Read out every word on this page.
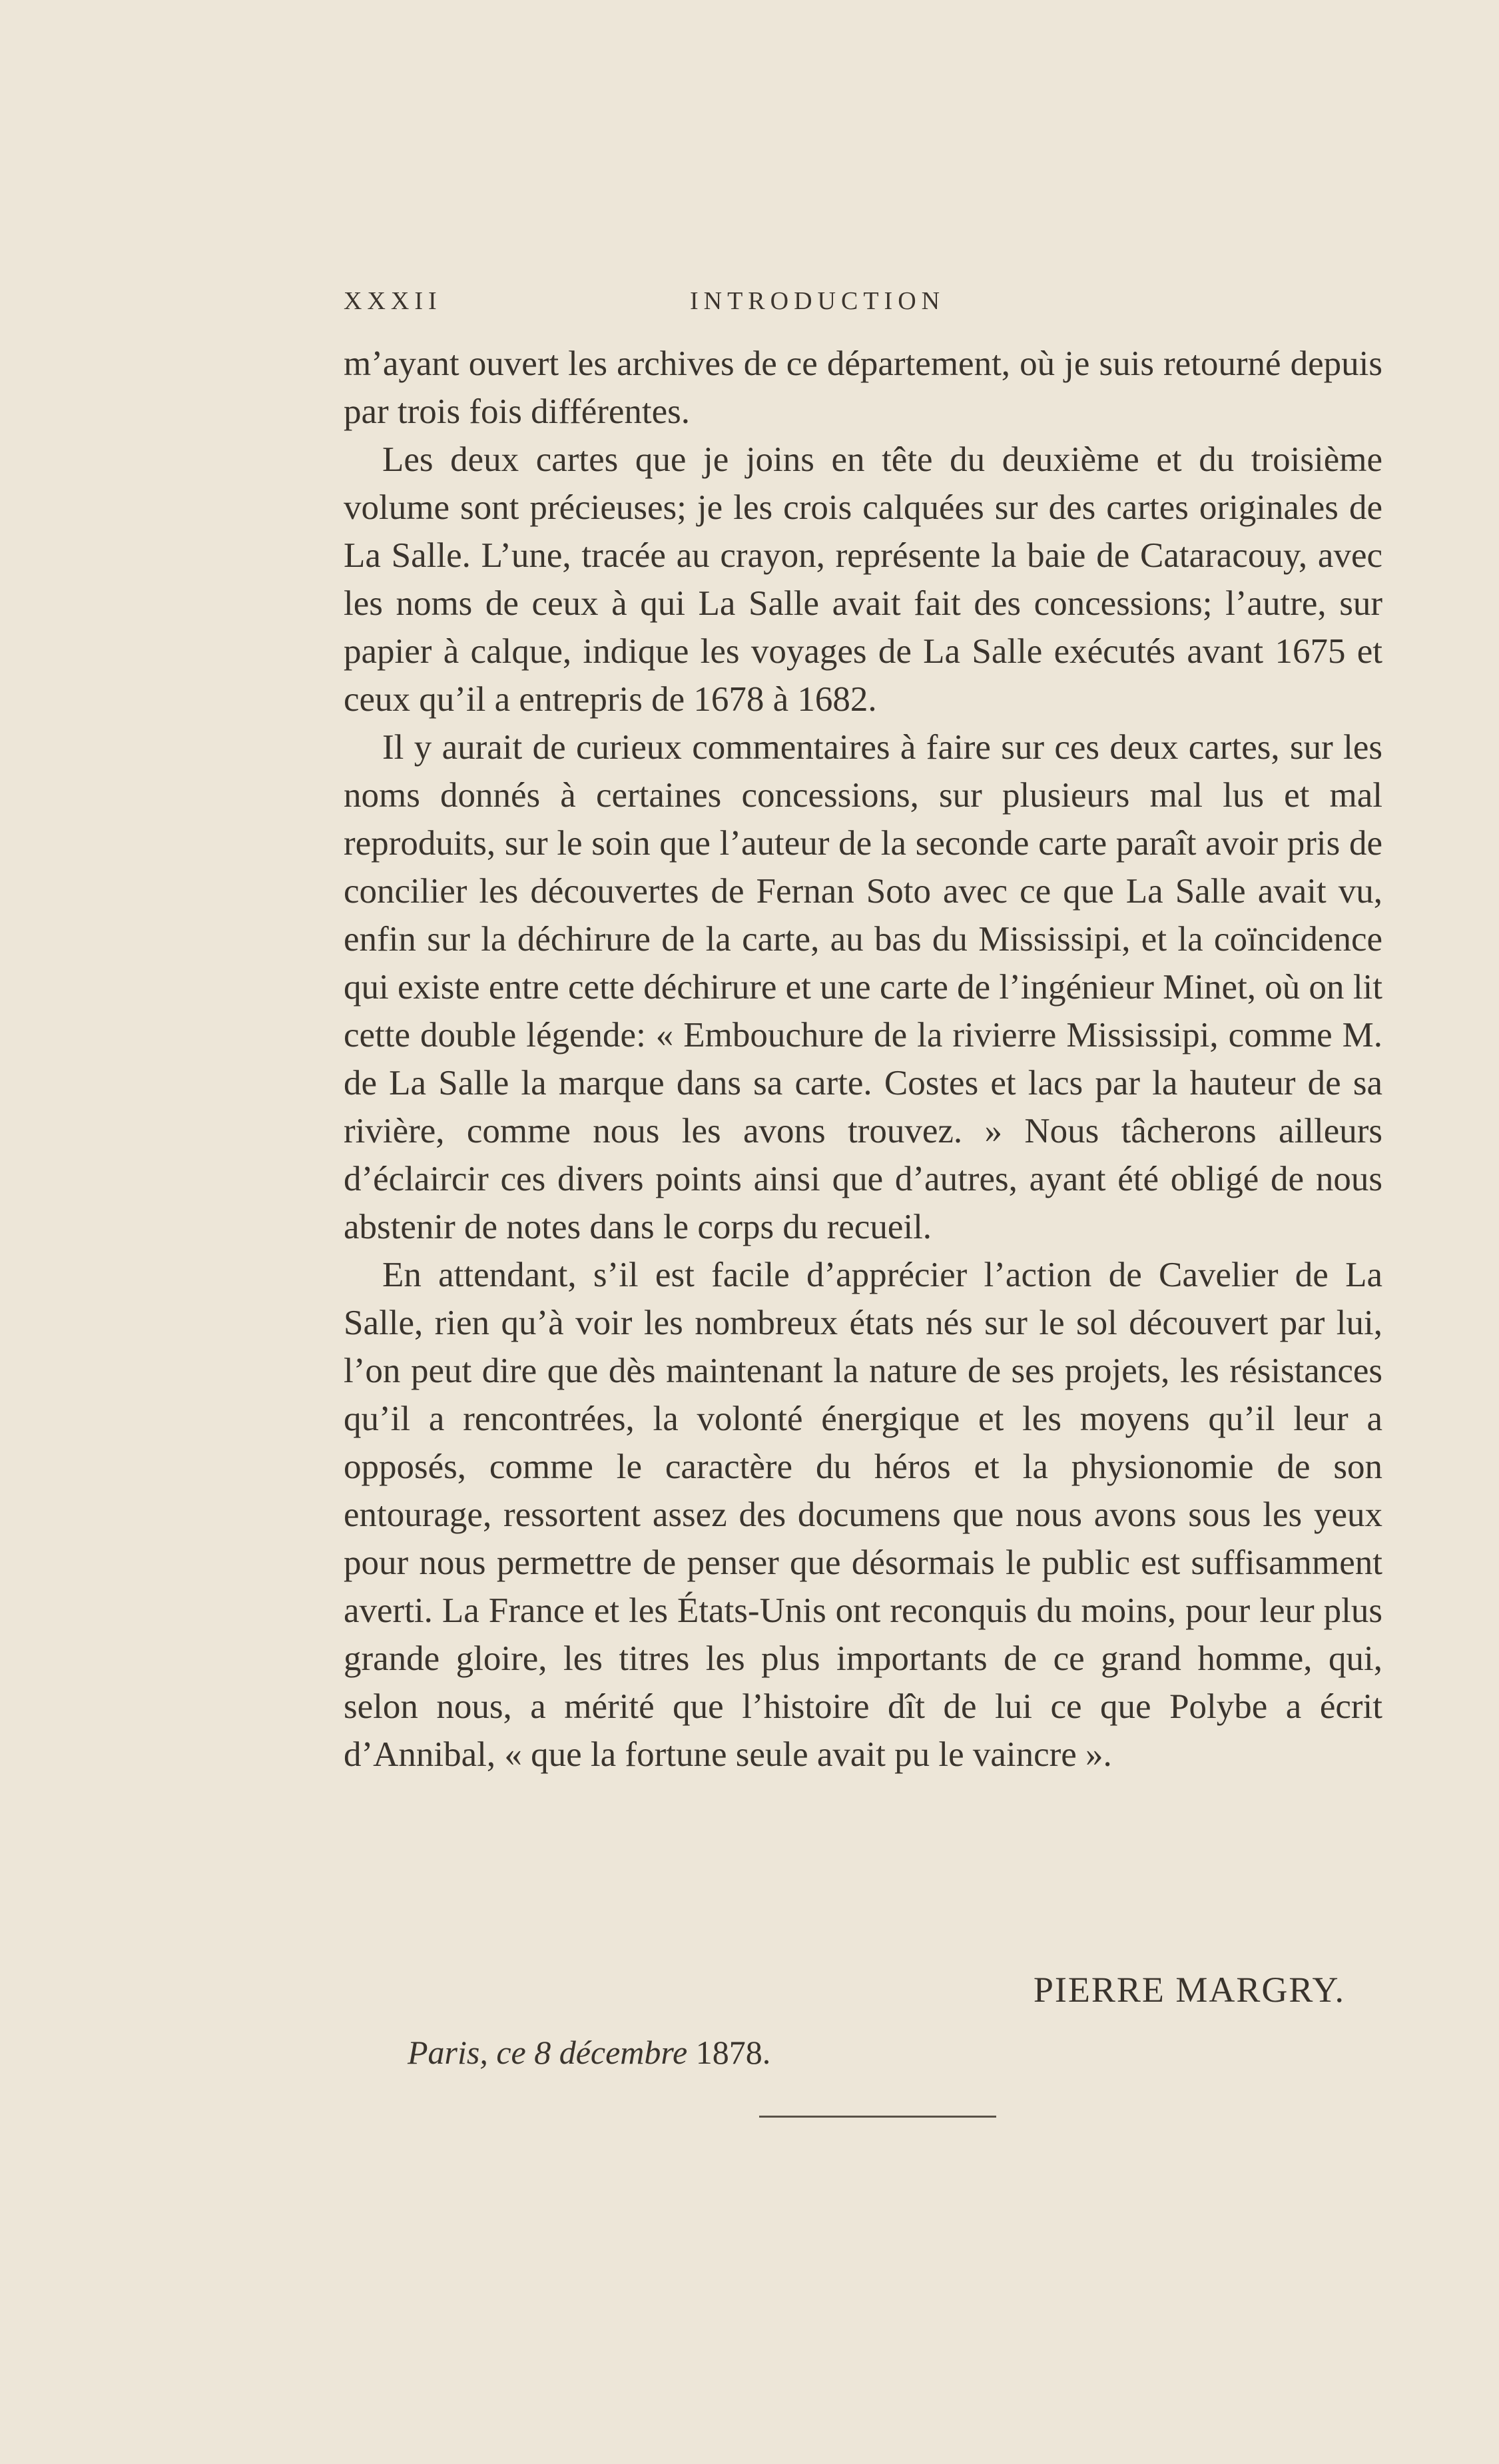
XXXII	INTRODUCTION

m’ayant ouvert les archives de ce département, où je suis retourné depuis par trois fois différentes.

Les deux cartes que je joins en tête du deuxième et du troisième volume sont précieuses; je les crois calquées sur des cartes originales de La Salle. L’une, tracée au crayon, représente la baie de Cataracouy, avec les noms de ceux à qui La Salle avait fait des concessions; l’autre, sur papier à calque, indique les voyages de La Salle exécutés avant 1675 et ceux qu’il a entrepris de 1678 à 1682.

Il y aurait de curieux commentaires à faire sur ces deux cartes, sur les noms donnés à certaines concessions, sur plusieurs mal lus et mal reproduits, sur le soin que l’auteur de la seconde carte paraît avoir pris de concilier les découvertes de Fernan Soto avec ce que La Salle avait vu, enfin sur la déchirure de la carte, au bas du Mississipi, et la coïncidence qui existe entre cette déchirure et une carte de l’ingénieur Minet, où on lit cette double légende: « Embouchure de la rivierre Mississipi, comme M. de La Salle la marque dans sa carte. Costes et lacs par la hauteur de sa rivière, comme nous les avons trouvez. » Nous tâcherons ailleurs d’éclaircir ces divers points ainsi que d’autres, ayant été obligé de nous abstenir de notes dans le corps du recueil.

En attendant, s’il est facile d’apprécier l’action de Cavelier de La Salle, rien qu’à voir les nombreux états nés sur le sol découvert par lui, l’on peut dire que dès maintenant la nature de ses projets, les résistances qu’il a rencontrées, la volonté énergique et les moyens qu’il leur a opposés, comme le caractère du héros et la physionomie de son entourage, ressortent assez des documens que nous avons sous les yeux pour nous permettre de penser que désormais le public est suffisamment averti. La France et les États-Unis ont reconquis du moins, pour leur plus grande gloire, les titres les plus importants de ce grand homme, qui, selon nous, a mérité que l’histoire dît de lui ce que Polybe a écrit d’Annibal, « que la fortune seule avait pu le vaincre ».

PIERRE MARGRY.
Paris, ce 8 décembre 1878.
